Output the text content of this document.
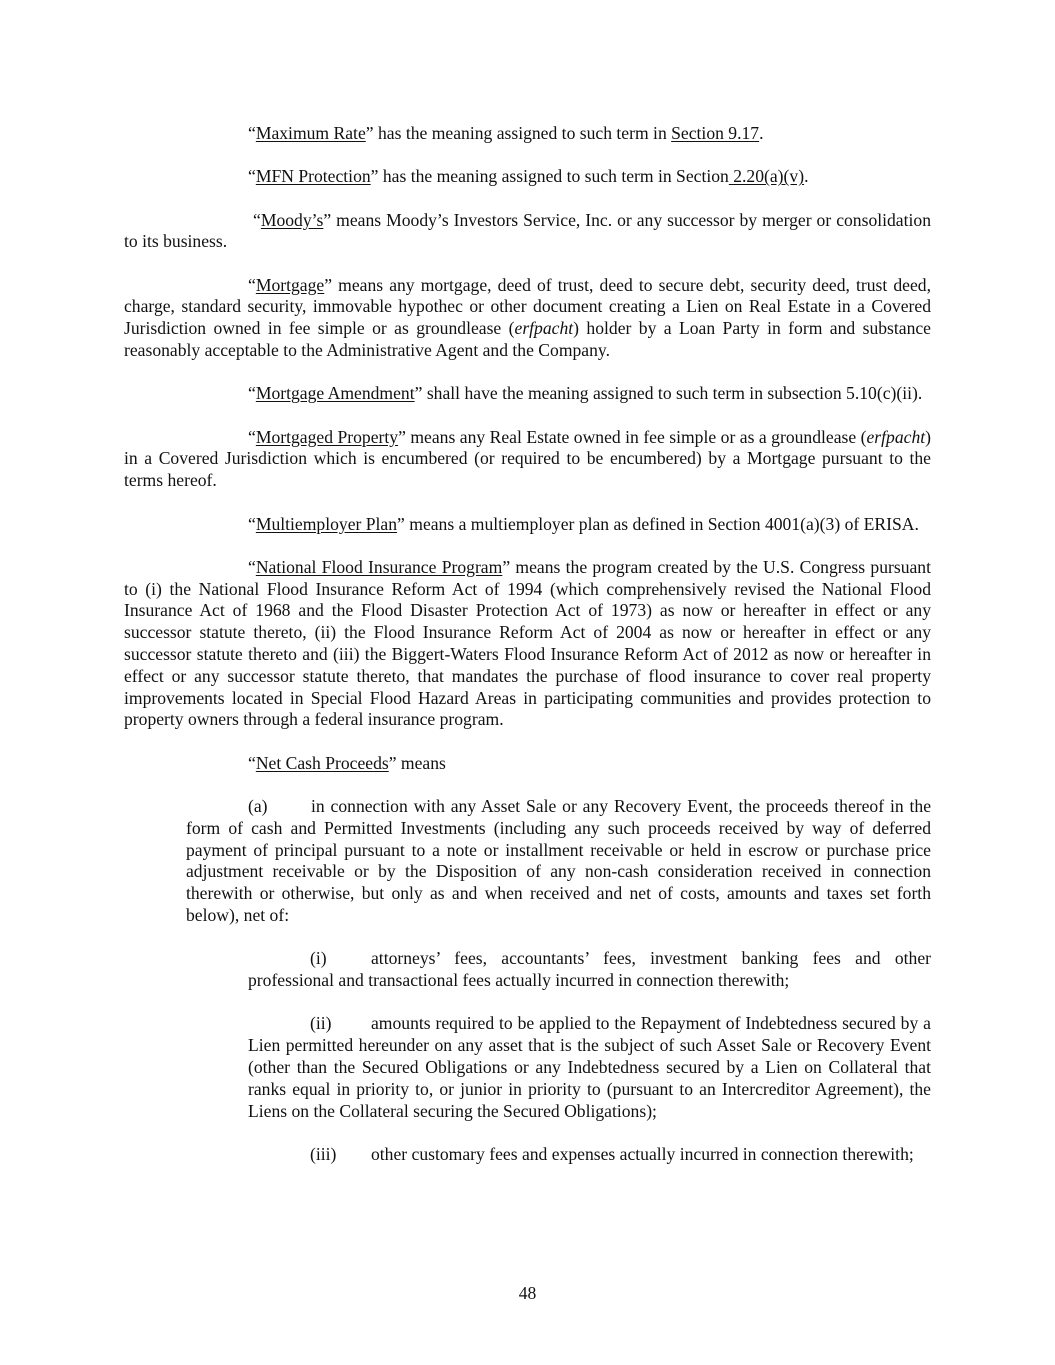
“Maximum Rate” has the meaning assigned to such term in Section 9.17.

“MFN Protection” has the meaning assigned to such term in Section 2.20(a)(v).

“Moody’s” means Moody’s Investors Service, Inc. or any successor by merger or consolidation to its business.

“Mortgage” means any mortgage, deed of trust, deed to secure debt, security deed, trust deed, charge, standard security, immovable hypothec or other document creating a Lien on Real Estate in a Covered Jurisdiction owned in fee simple or as groundlease (erfpacht) holder by a Loan Party in form and substance reasonably acceptable to the Administrative Agent and the Company.

“Mortgage Amendment” shall have the meaning assigned to such term in subsection 5.10(c)(ii).

“Mortgaged Property” means any Real Estate owned in fee simple or as a groundlease (erfpacht) in a Covered Jurisdiction which is encumbered (or required to be encumbered) by a Mortgage pursuant to the terms hereof.

“Multiemployer Plan” means a multiemployer plan as defined in Section 4001(a)(3) of ERISA.

“National Flood Insurance Program” means the program created by the U.S. Congress pursuant to (i) the National Flood Insurance Reform Act of 1994 (which comprehensively revised the National Flood Insurance Act of 1968 and the Flood Disaster Protection Act of 1973) as now or hereafter in effect or any successor statute thereto, (ii) the Flood Insurance Reform Act of 2004 as now or hereafter in effect or any successor statute thereto and (iii) the Biggert-Waters Flood Insurance Reform Act of 2012 as now or hereafter in effect or any successor statute thereto, that mandates the purchase of flood insurance to cover real property improvements located in Special Flood Hazard Areas in participating communities and provides protection to property owners through a federal insurance program.

“Net Cash Proceeds” means

(a) in connection with any Asset Sale or any Recovery Event, the proceeds thereof in the form of cash and Permitted Investments (including any such proceeds received by way of deferred payment of principal pursuant to a note or installment receivable or held in escrow or purchase price adjustment receivable or by the Disposition of any non-cash consideration received in connection therewith or otherwise, but only as and when received and net of costs, amounts and taxes set forth below), net of:

(i)	attorneys’ fees, accountants’ fees, investment banking fees and other professional and transactional fees actually incurred in connection therewith;

(ii) amounts required to be applied to the Repayment of Indebtedness secured by a Lien permitted hereunder on any asset that is the subject of such Asset Sale or Recovery Event (other than the Secured Obligations or any Indebtedness secured by a Lien on Collateral that ranks equal in priority to, or junior in priority to (pursuant to an Intercreditor Agreement), the Liens on the Collateral securing the Secured Obligations);

(iii) other customary fees and expenses actually incurred in connection therewith;

48
